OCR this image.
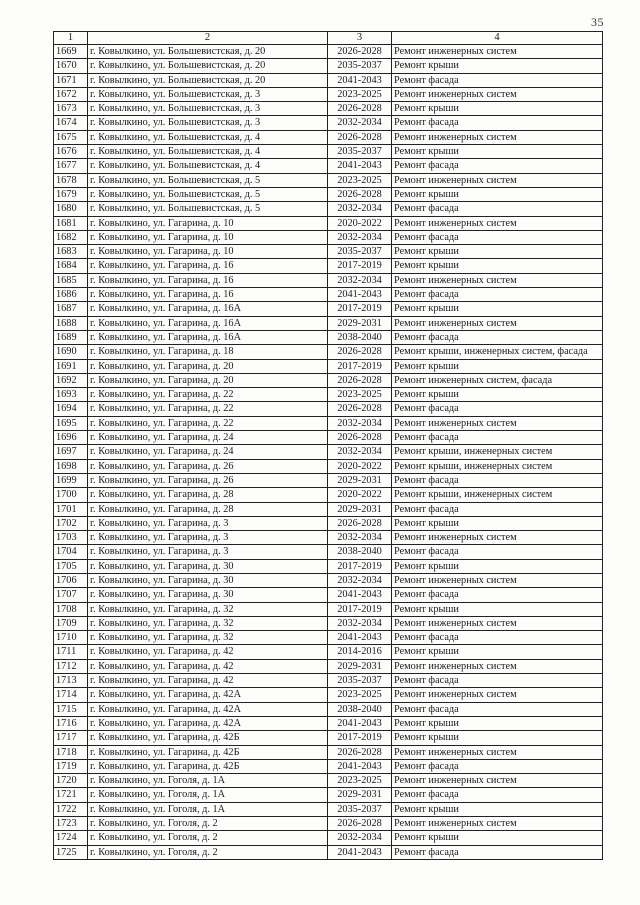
35
1	2	3	4
1669	г. Ковылкино, ул. Большевистская, д. 20	2026-2028	Ремонт инженерных систем
1670	г. Ковылкино, ул. Большевистская, д. 20	2035-2037	Ремонт крыши
1671	г. Ковылкино, ул. Большевистская, д. 20	2041-2043	Ремонт фасада
1672	г. Ковылкино, ул. Большевистская, д. 3	2023-2025	Ремонт инженерных систем
1673	г. Ковылкино, ул. Большевистская, д. 3	2026-2028	Ремонт крыши
1674	г. Ковылкино, ул. Большевистская, д. 3	2032-2034	Ремонт фасада
1675	г. Ковылкино, ул. Большевистская, д. 4	2026-2028	Ремонт инженерных систем
1676	г. Ковылкино, ул. Большевистская, д. 4	2035-2037	Ремонт крыши
1677	г. Ковылкино, ул. Большевистская, д. 4	2041-2043	Ремонт фасада
1678	г. Ковылкино, ул. Большевистская, д. 5	2023-2025	Ремонт инженерных систем
1679	г. Ковылкино, ул. Большевистская, д. 5	2026-2028	Ремонт крыши
1680	г. Ковылкино, ул. Большевистская, д. 5	2032-2034	Ремонт фасада
1681	г. Ковылкино, ул. Гагарина, д. 10	2020-2022	Ремонт инженерных систем
1682	г. Ковылкино, ул. Гагарина, д. 10	2032-2034	Ремонт фасада
1683	г. Ковылкино, ул. Гагарина, д. 10	2035-2037	Ремонт крыши
1684	г. Ковылкино, ул. Гагарина, д. 16	2017-2019	Ремонт крыши
1685	г. Ковылкино, ул. Гагарина, д. 16	2032-2034	Ремонт инженерных систем
1686	г. Ковылкино, ул. Гагарина, д. 16	2041-2043	Ремонт фасада
1687	г. Ковылкино, ул. Гагарина, д. 16А	2017-2019	Ремонт крыши
1688	г. Ковылкино, ул. Гагарина, д. 16А	2029-2031	Ремонт инженерных систем
1689	г. Ковылкино, ул. Гагарина, д. 16А	2038-2040	Ремонт фасада
1690	г. Ковылкино, ул. Гагарина, д. 18	2026-2028	Ремонт крыши, инженерных систем, фасада
1691	г. Ковылкино, ул. Гагарина, д. 20	2017-2019	Ремонт крыши
1692	г. Ковылкино, ул. Гагарина, д. 20	2026-2028	Ремонт инженерных систем, фасада
1693	г. Ковылкино, ул. Гагарина, д. 22	2023-2025	Ремонт крыши
1694	г. Ковылкино, ул. Гагарина, д. 22	2026-2028	Ремонт фасада
1695	г. Ковылкино, ул. Гагарина, д. 22	2032-2034	Ремонт инженерных систем
1696	г. Ковылкино, ул. Гагарина, д. 24	2026-2028	Ремонт фасада
1697	г. Ковылкино, ул. Гагарина, д. 24	2032-2034	Ремонт крыши, инженерных систем
1698	г. Ковылкино, ул. Гагарина, д. 26	2020-2022	Ремонт крыши, инженерных систем
1699	г. Ковылкино, ул. Гагарина, д. 26	2029-2031	Ремонт фасада
1700	г. Ковылкино, ул. Гагарина, д. 28	2020-2022	Ремонт крыши, инженерных систем
1701	г. Ковылкино, ул. Гагарина, д. 28	2029-2031	Ремонт фасада
1702	г. Ковылкино, ул. Гагарина, д. 3	2026-2028	Ремонт крыши
1703	г. Ковылкино, ул. Гагарина, д. 3	2032-2034	Ремонт инженерных систем
1704	г. Ковылкино, ул. Гагарина, д. 3	2038-2040	Ремонт фасада
1705	г. Ковылкино, ул. Гагарина, д. 30	2017-2019	Ремонт крыши
1706	г. Ковылкино, ул. Гагарина, д. 30	2032-2034	Ремонт инженерных систем
1707	г. Ковылкино, ул. Гагарина, д. 30	2041-2043	Ремонт фасада
1708	г. Ковылкино, ул. Гагарина, д. 32	2017-2019	Ремонт крыши
1709	г. Ковылкино, ул. Гагарина, д. 32	2032-2034	Ремонт инженерных систем
1710	г. Ковылкино, ул. Гагарина, д. 32	2041-2043	Ремонт фасада
1711	г. Ковылкино, ул. Гагарина, д. 42	2014-2016	Ремонт крыши
1712	г. Ковылкино, ул. Гагарина, д. 42	2029-2031	Ремонт инженерных систем
1713	г. Ковылкино, ул. Гагарина, д. 42	2035-2037	Ремонт фасада
1714	г. Ковылкино, ул. Гагарина, д. 42А	2023-2025	Ремонт инженерных систем
1715	г. Ковылкино, ул. Гагарина, д. 42А	2038-2040	Ремонт фасада
1716	г. Ковылкино, ул. Гагарина, д. 42А	2041-2043	Ремонт крыши
1717	г. Ковылкино, ул. Гагарина, д. 42Б	2017-2019	Ремонт крыши
1718	г. Ковылкино, ул. Гагарина, д. 42Б	2026-2028	Ремонт инженерных систем
1719	г. Ковылкино, ул. Гагарина, д. 42Б	2041-2043	Ремонт фасада
1720	г. Ковылкино, ул. Гоголя, д. 1А	2023-2025	Ремонт инженерных систем
1721	г. Ковылкино, ул. Гоголя, д. 1А	2029-2031	Ремонт фасада
1722	г. Ковылкино, ул. Гоголя, д. 1А	2035-2037	Ремонт крыши
1723	г. Ковылкино, ул. Гоголя, д. 2	2026-2028	Ремонт инженерных систем
1724	г. Ковылкино, ул. Гоголя, д. 2	2032-2034	Ремонт крыши
1725	г. Ковылкино, ул. Гоголя, д. 2	2041-2043	Ремонт фасада
